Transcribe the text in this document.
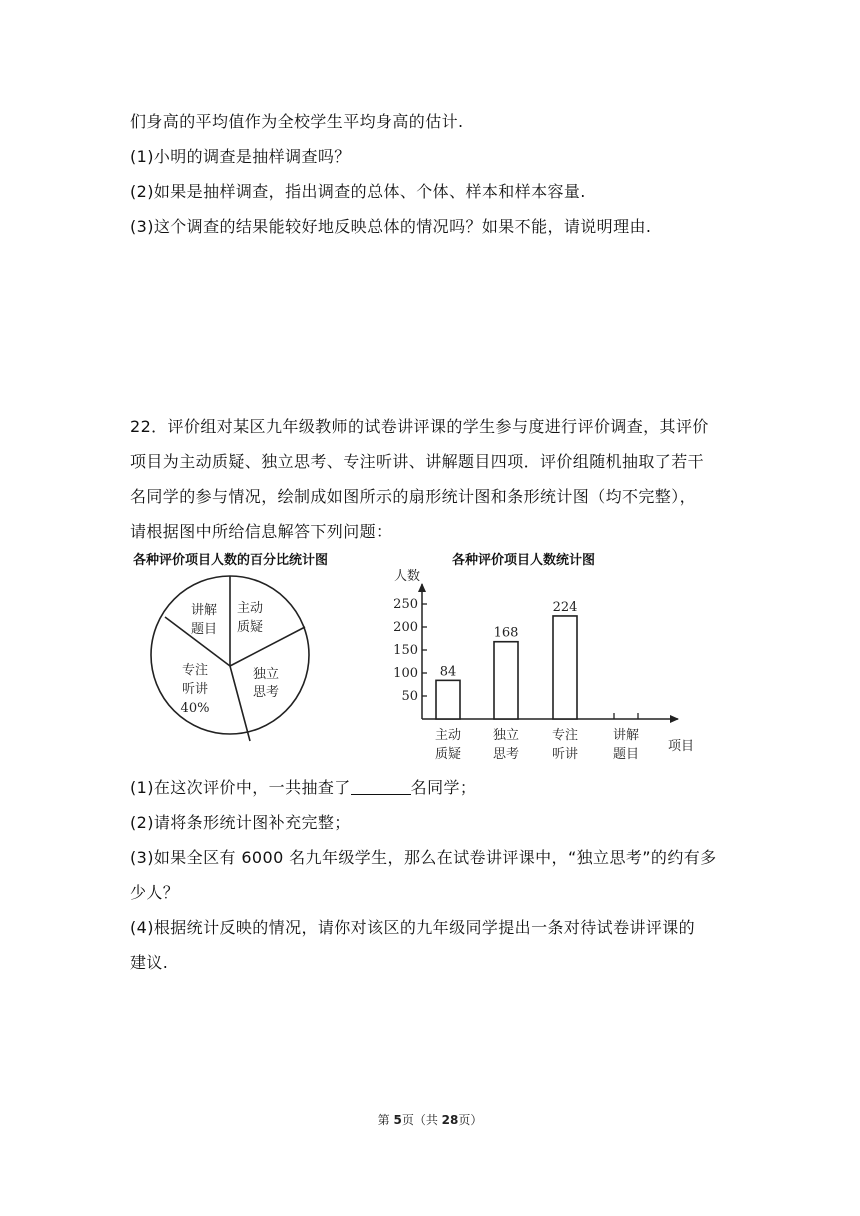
们身高的平均值作为全校学生平均身高的估计.
(1)小明的调查是抽样调查吗？
(2)如果是抽样调查，指出调查的总体、个体、样本和样本容量.
(3)这个调查的结果能较好地反映总体的情况吗？如果不能，请说明理由.
22．评价组对某区九年级教师的试卷讲评课的学生参与度进行评价调查，其评价
项目为主动质疑、独立思考、专注听讲、讲解题目四项．评价组随机抽取了若干
名同学的参与情况，绘制成如图所示的扇形统计图和条形统计图（均不完整），
请根据图中所给信息解答下列问题：
各种评价项目人数的百分比统计图	各种评价项目人数统计图
主动
质疑
独立
思考
专注
听讲
40%
讲解
题目
人数
项目
50
100
150
200
250
84
168
224
主动
质疑
独立
思考
专注
听讲
讲解
题目
(1)在这次评价中，一共抽查了	名同学；
(2)请将条形统计图补充完整；
(3)如果全区有 6000 名九年级学生，那么在试卷讲评课中，“独立思考”的约有多
少人？
(4)根据统计反映的情况，请你对该区的九年级同学提出一条对待试卷讲评课的
建议.
第 5页（共 28页）
